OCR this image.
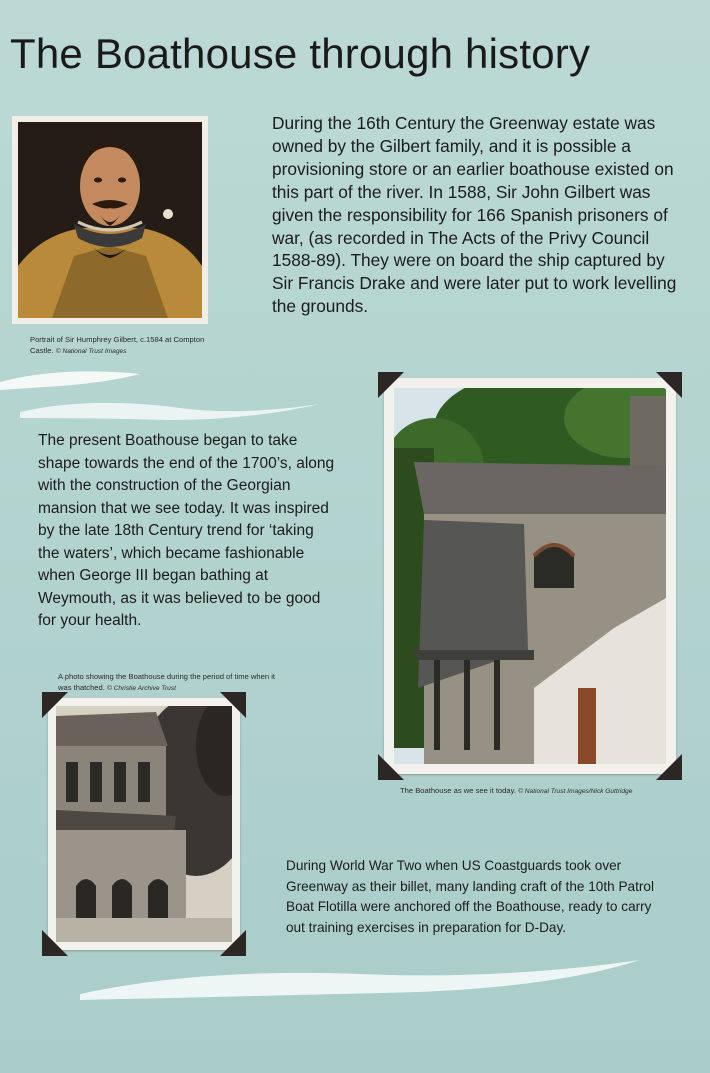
The Boathouse through history

Portrait of Sir Humphrey Gilbert, c.1584 at Compton Castle. © National Trust Images

During the 16th Century the Greenway estate was owned by the Gilbert family, and it is possible a provisioning store or an earlier boathouse existed on this part of the river. In 1588, Sir John Gilbert was given the responsibility for 166 Spanish prisoners of war, (as recorded in The Acts of the Privy Council 1588-89). They were on board the ship captured by Sir Francis Drake and were later put to work levelling the grounds.

The present Boathouse began to take shape towards the end of the 1700’s, along with the construction of the Georgian mansion that we see today. It was inspired by the late 18th Century trend for ‘taking the waters’, which became fashionable when George III began bathing at Weymouth, as it was believed to be good for your health.

The Boathouse as we see it today. © National Trust Images/Nick Guttridge

A photo showing the Boathouse during the period of time when it was thatched. © Christie Archive Trust

During World War Two when US Coastguards took over Greenway as their billet, many landing craft of the 10th Patrol Boat Flotilla were anchored off the Boathouse, ready to carry out training exercises in preparation for D-Day.
